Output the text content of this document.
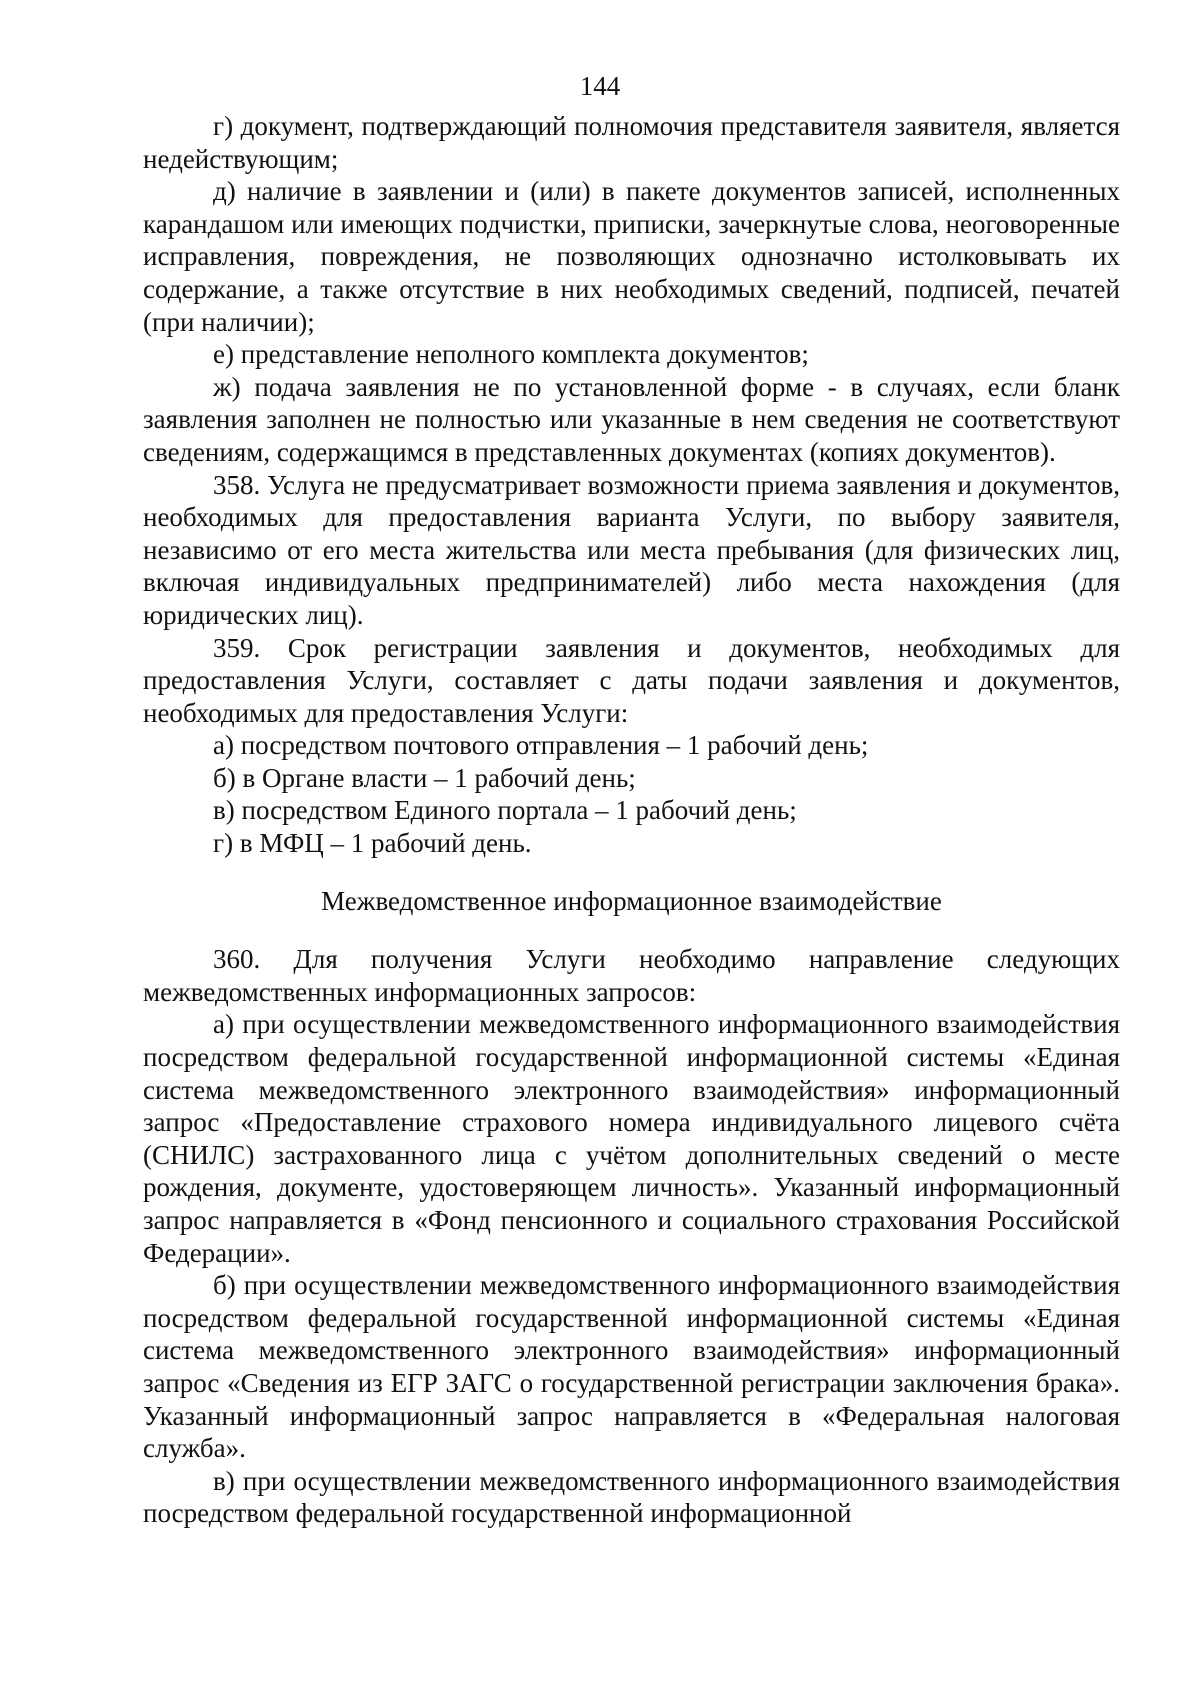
144

г) документ, подтверждающий полномочия представителя заявителя, является недействующим;

д) наличие в заявлении и (или) в пакете документов записей, исполненных карандашом или имеющих подчистки, приписки, зачеркнутые слова, неоговоренные исправления, повреждения, не позволяющих однозначно истолковывать их содержание, а также отсутствие в них необходимых сведений, подписей, печатей (при наличии);

е) представление неполного комплекта документов;

ж) подача заявления не по установленной форме - в случаях, если бланк заявления заполнен не полностью или указанные в нем сведения не соответствуют сведениям, содержащимся в представленных документах (копиях документов).

358. Услуга не предусматривает возможности приема заявления и документов, необходимых для предоставления варианта Услуги, по выбору заявителя, независимо от его места жительства или места пребывания (для физических лиц, включая индивидуальных предпринимателей) либо места нахождения (для юридических лиц).

359. Срок регистрации заявления и документов, необходимых для предоставления Услуги, составляет с даты подачи заявления и документов, необходимых для предоставления Услуги:

а) посредством почтового отправления – 1 рабочий день;

б) в Органе власти – 1 рабочий день;

в) посредством Единого портала – 1 рабочий день;

г) в МФЦ – 1 рабочий день.

Межведомственное информационное взаимодействие

360. Для получения Услуги необходимо направление следующих межведомственных информационных запросов:

а) при осуществлении межведомственного информационного взаимодействия посредством федеральной государственной информационной системы «Единая система межведомственного электронного взаимодействия» информационный запрос «Предоставление страхового номера индивидуального лицевого счёта (СНИЛС) застрахованного лица с учётом дополнительных сведений о месте рождения, документе, удостоверяющем личность». Указанный информационный запрос направляется в «Фонд пенсионного и социального страхования Российской Федерации».

б) при осуществлении межведомственного информационного взаимодействия посредством федеральной государственной информационной системы «Единая система межведомственного электронного взаимодействия» информационный запрос «Сведения из ЕГР ЗАГС о государственной регистрации заключения брака». Указанный информационный запрос направляется в «Федеральная налоговая служба».

в) при осуществлении межведомственного информационного взаимодействия посредством федеральной государственной информационной
